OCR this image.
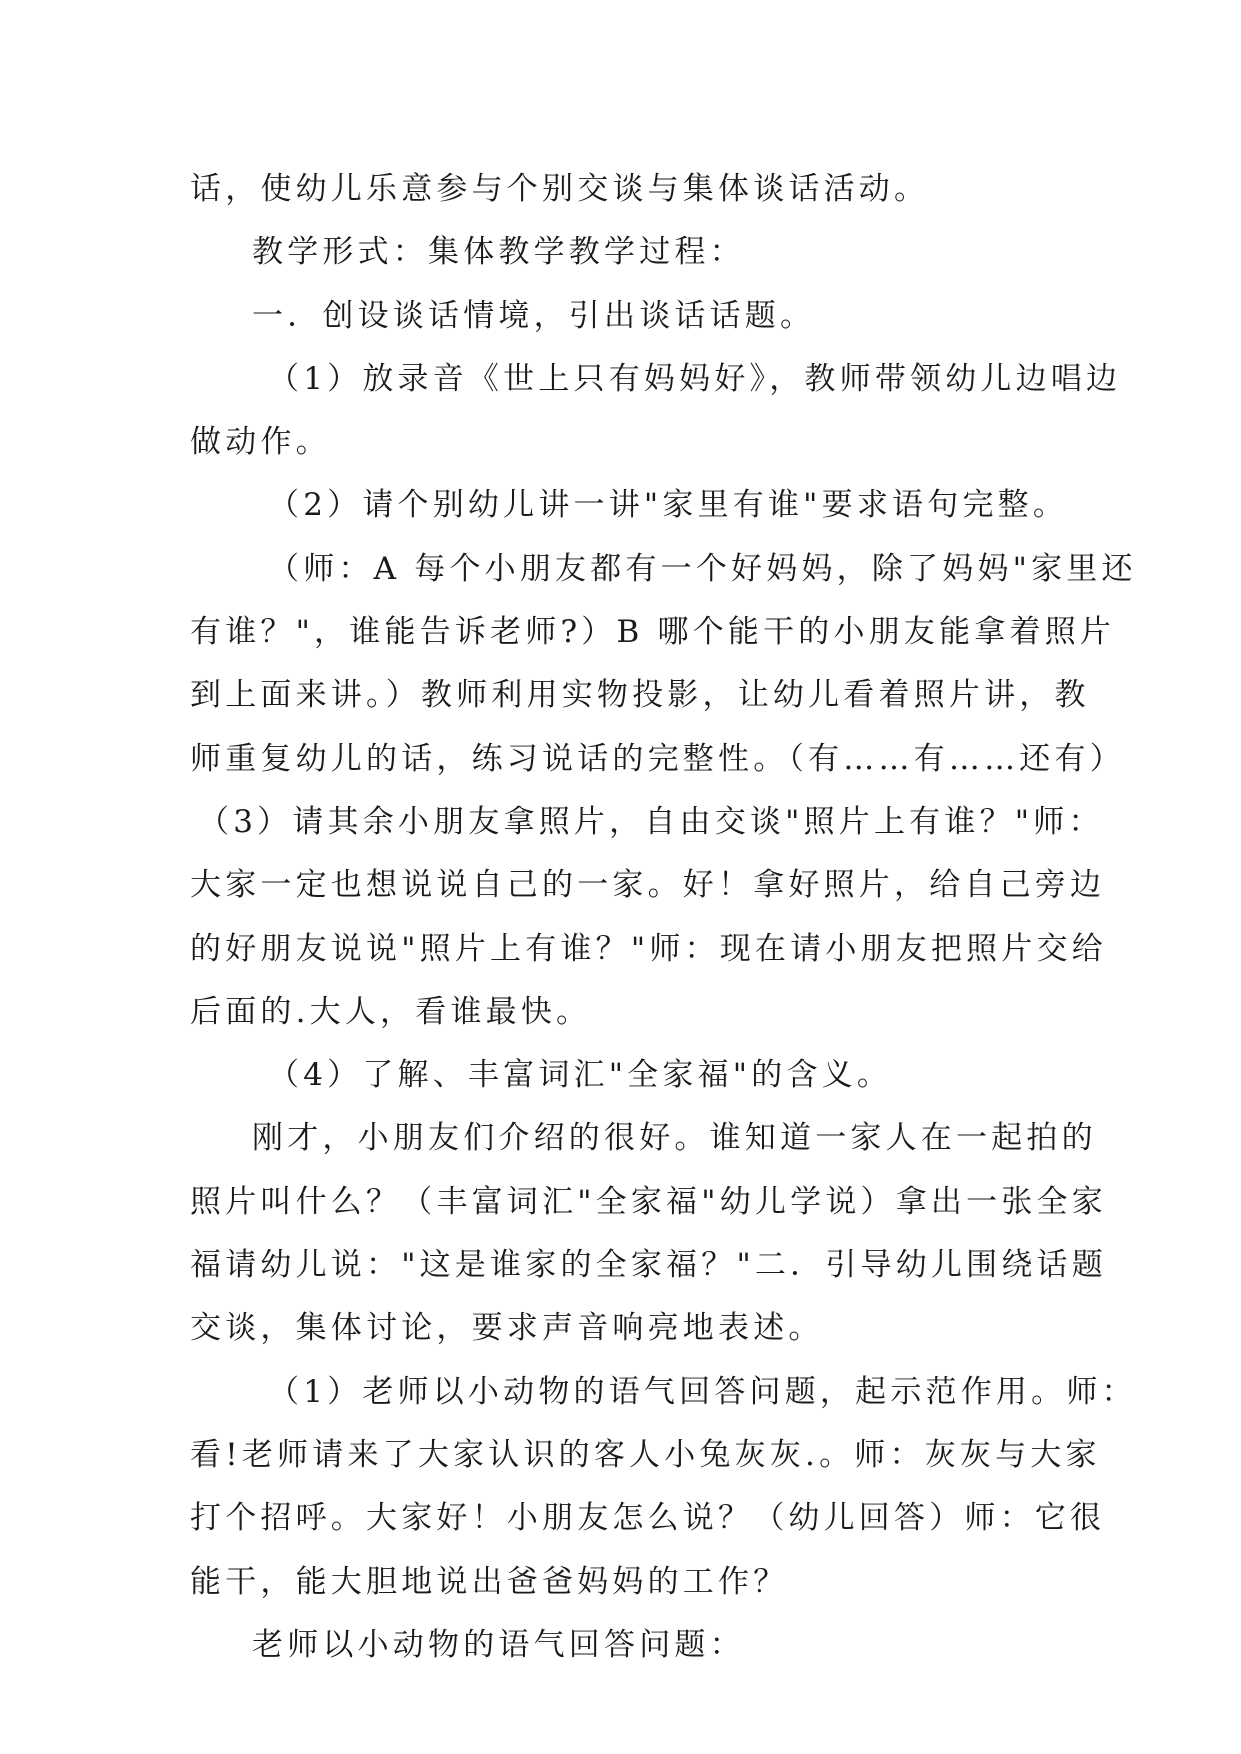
话，使幼儿乐意参与个别交谈与集体谈话活动。

教学形式：集体教学教学过程：

一．创设谈话情境，引出谈话话题。

（1）放录音《世上只有妈妈好》，教师带领幼儿边唱边

做动作。

（2）请个别幼儿讲一讲"家里有谁"要求语句完整。

（师：A 每个小朋友都有一个好妈妈，除了妈妈"家里还

有谁？"，谁能告诉老师?）B 哪个能干的小朋友能拿着照片

到上面来讲。）教师利用实物投影，让幼儿看着照片讲，教

师重复幼儿的话，练习说话的完整性。（有……有……还有）

（3）请其余小朋友拿照片，自由交谈"照片上有谁？"师：

大家一定也想说说自己的一家。好！拿好照片，给自己旁边

的好朋友说说"照片上有谁？"师：现在请小朋友把照片交给

后面的.大人，看谁最快。

（4）了解、丰富词汇"全家福"的含义。

刚才，小朋友们介绍的很好。谁知道一家人在一起拍的

照片叫什么？（丰富词汇"全家福"幼儿学说）拿出一张全家

福请幼儿说："这是谁家的全家福？"二．引导幼儿围绕话题

交谈，集体讨论，要求声音响亮地表述。

（1）老师以小动物的语气回答问题，起示范作用。师：

看!老师请来了大家认识的客人小兔灰灰.。师：灰灰与大家

打个招呼。大家好！小朋友怎么说？（幼儿回答）师：它很

能干，能大胆地说出爸爸妈妈的工作？

老师以小动物的语气回答问题：
